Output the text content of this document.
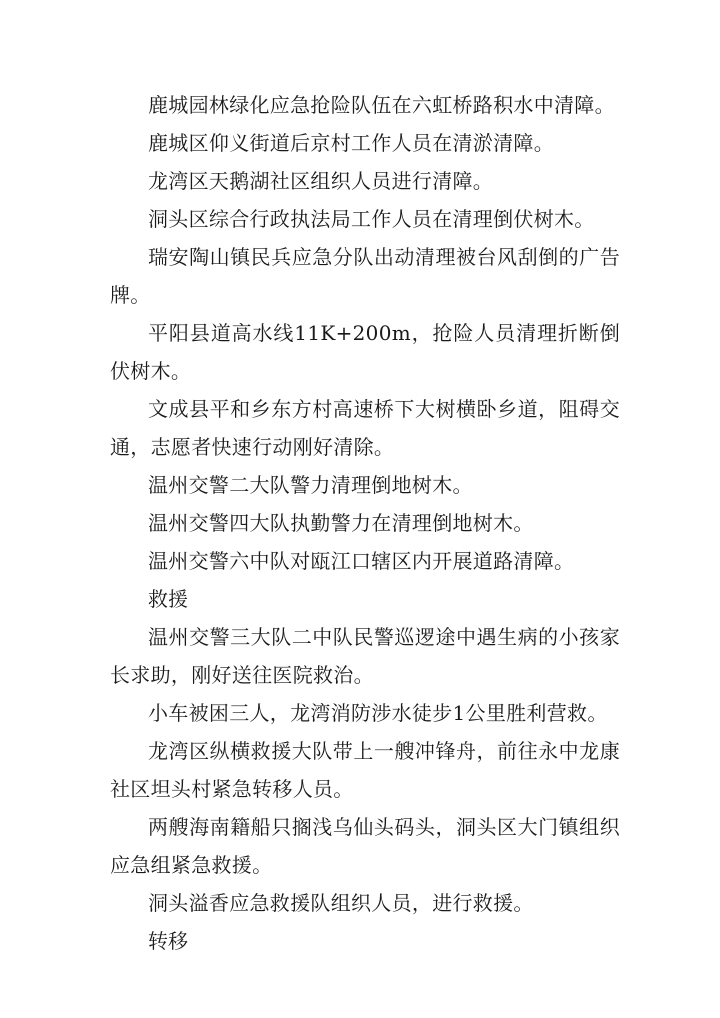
鹿城园林绿化应急抢险队伍在六虹桥路积水中清障。

鹿城区仰义街道后京村工作人员在清淤清障。

龙湾区天鹅湖社区组织人员进行清障。

洞头区综合行政执法局工作人员在清理倒伏树木。

瑞安陶山镇民兵应急分队出动清理被台风刮倒的广告牌。

平阳县道高水线11K+200m，抢险人员清理折断倒伏树木。

文成县平和乡东方村高速桥下大树横卧乡道，阻碍交通，志愿者快速行动刚好清除。

温州交警二大队警力清理倒地树木。

温州交警四大队执勤警力在清理倒地树木。

温州交警六中队对瓯江口辖区内开展道路清障。

救援

温州交警三大队二中队民警巡逻途中遇生病的小孩家长求助，刚好送往医院救治。

小车被困三人，龙湾消防涉水徒步1公里胜利营救。

龙湾区纵横救援大队带上一艘冲锋舟，前往永中龙康社区坦头村紧急转移人员。

两艘海南籍船只搁浅乌仙头码头，洞头区大门镇组织应急组紧急救援。

洞头溢香应急救援队组织人员，进行救援。

转移
